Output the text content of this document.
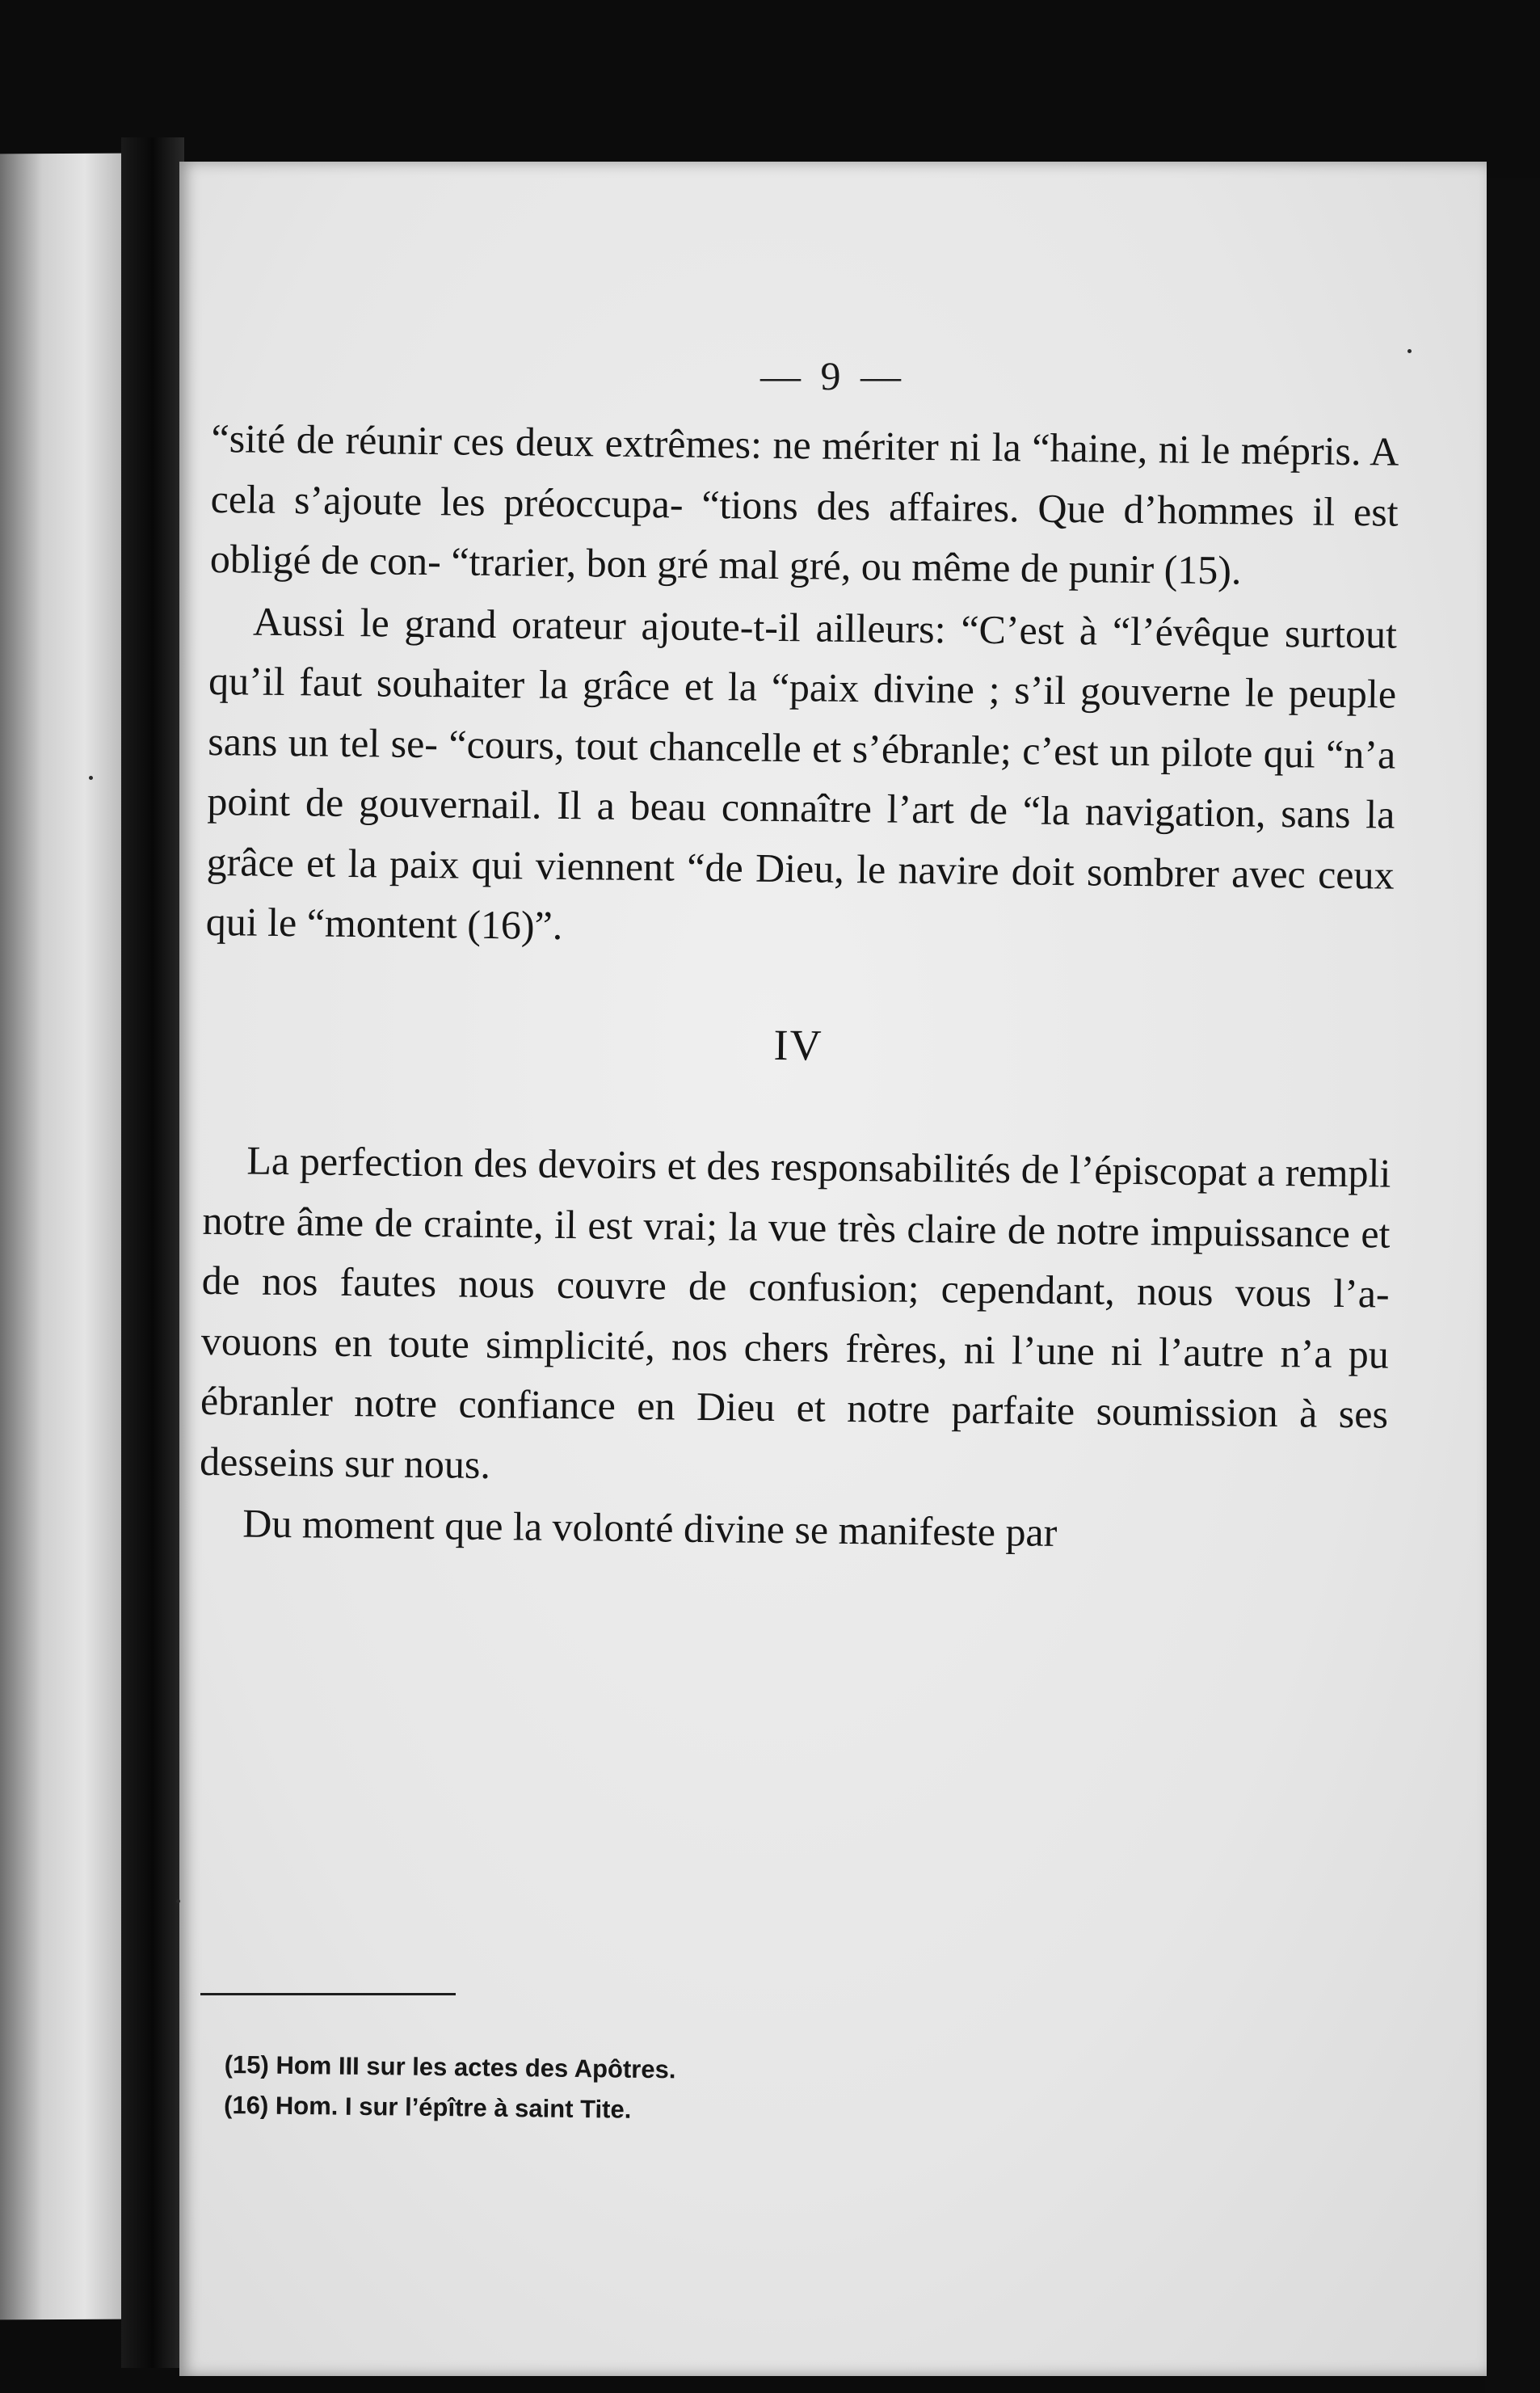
— 9 —

“sité de réunir ces deux extrêmes: ne mériter ni la “haine, ni le mépris. A cela s’ajoute les préoccupa- “tions des affaires. Que d’hommes il est obligé de con- “trarier, bon gré mal gré, ou même de punir (15).

Aussi le grand orateur ajoute-t-il ailleurs: “C’est à “l’évêque surtout qu’il faut souhaiter la grâce et la “paix divine ; s’il gouverne le peuple sans un tel se- “cours, tout chancelle et s’ébranle; c’est un pilote qui “n’a point de gouvernail. Il a beau connaître l’art de “la navigation, sans la grâce et la paix qui viennent “de Dieu, le navire doit sombrer avec ceux qui le “montent (16)”.

IV

La perfection des devoirs et des responsabilités de l’épiscopat a rempli notre âme de crainte, il est vrai; la vue très claire de notre impuissance et de nos fautes nous couvre de confusion; cependant, nous vous l’a- vouons en toute simplicité, nos chers frères, ni l’une ni l’autre n’a pu ébranler notre confiance en Dieu et notre parfaite soumission à ses desseins sur nous.

Du moment que la volonté divine se manifeste par

(15) Hom III sur les actes des Apôtres.

(16) Hom. I sur l’épître à saint Tite.
